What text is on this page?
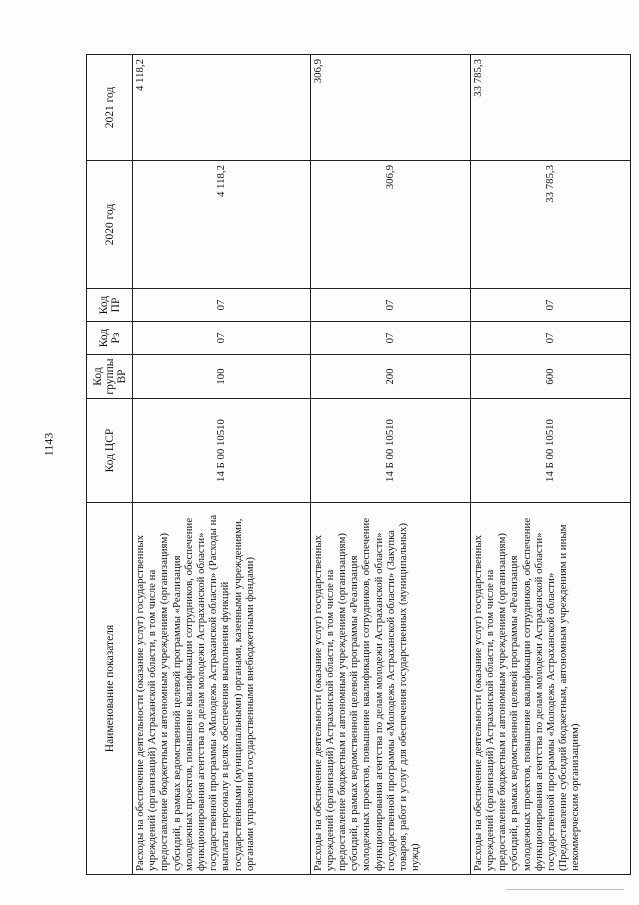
1143
Наименование показателя	Код ЦСР	Код группы ВР	Код Рз	Код ПР	2020 год	2021 год
Расходы на обеспечение деятельности (оказание услуг) государственных учреждений (организаций) Астраханской области, в том числе на предоставление бюджетным и автономным учреждениям (организациям) субсидий, в рамках ведомственной целевой программы «Реализация молодежных проектов, повышение квалификации сотрудников, обеспечение функционирования агентства по делам молодежи Астраханской области» государственной программы «Молодежь Астраханской области» (Расходы на выплаты персоналу в целях обеспечения выполнения функций государственными (муниципальными) органами, казенными учреждениями, органами управления государственными внебюджетными фондами)	14 Б 00 10510	100	07	07	4 118,2	4 118,2
Расходы на обеспечение деятельности (оказание услуг) государственных учреждений (организаций) Астраханской области, в том числе на предоставление бюджетным и автономным учреждениям (организациям) субсидий, в рамках ведомственной целевой программы «Реализация молодежных проектов, повышение квалификации сотрудников, обеспечение функционирования агентства по делам молодежи Астраханской области» государственной программы «Молодежь Астраханской области» (Закупка товаров, работ и услуг для обеспечения государственных (муниципальных) нужд)	14 Б 00 10510	200	07	07	306,9	306,9
Расходы на обеспечение деятельности (оказание услуг) государственных учреждений (организаций) Астраханской области, в том числе на предоставление бюджетным и автономным учреждениям (организациям) субсидий, в рамках ведомственной целевой программы «Реализация молодежных проектов, повышение квалификации сотрудников, обеспечение функционирования агентства по делам молодежи Астраханской области» государственной программы «Молодежь Астраханской области» (Предоставление субсидий бюджетным, автономным учреждениям и иным некоммерческим организациям)	14 Б 00 10510	600	07	07	33 785,3	33 785,3
